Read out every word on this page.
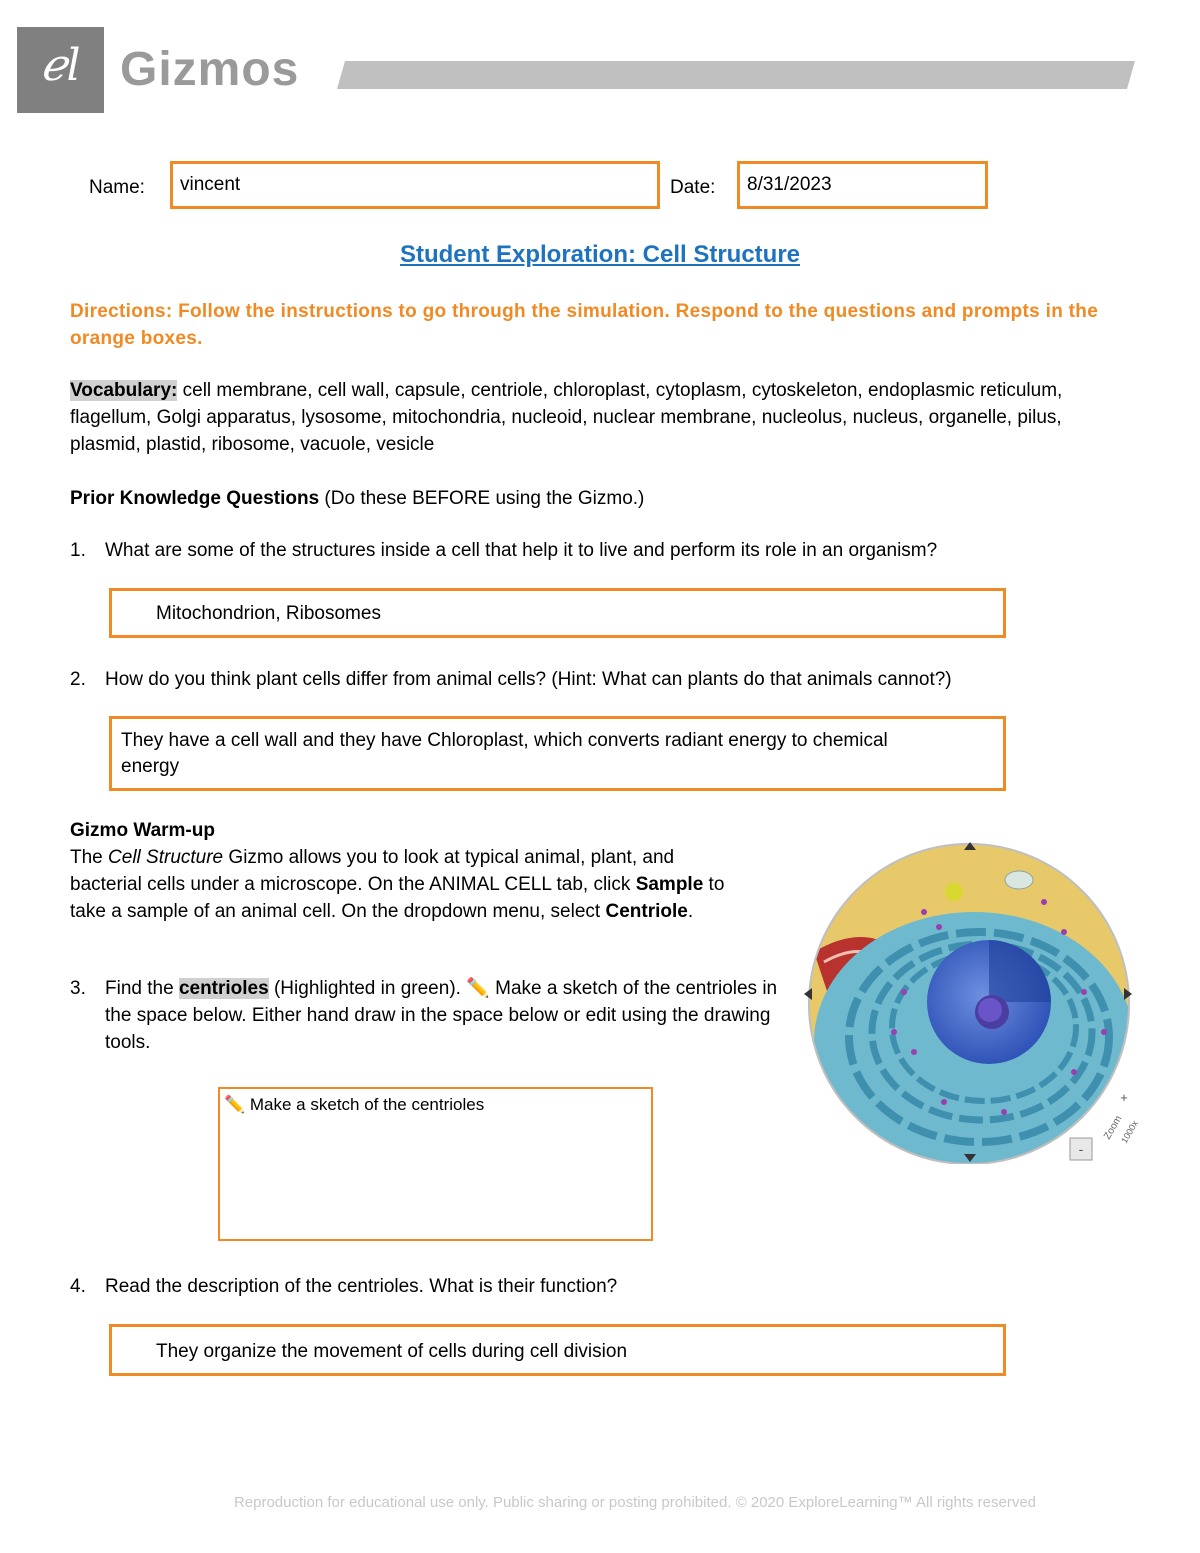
ℯl Gizmos
Name:	vincent	Date:	8/31/2023
Student Exploration: Cell Structure
Directions: Follow the instructions to go through the simulation. Respond to the questions and prompts in the orange boxes.
Vocabulary: cell membrane, cell wall, capsule, centriole, chloroplast, cytoplasm, cytoskeleton, endoplasmic reticulum, flagellum, Golgi apparatus, lysosome, mitochondria, nucleoid, nuclear membrane, nucleolus, nucleus, organelle, pilus, plasmid, plastid, ribosome, vacuole, vesicle
Prior Knowledge Questions (Do these BEFORE using the Gizmo.)
1. What are some of the structures inside a cell that help it to live and perform its role in an organism?
Mitochondrion, Ribosomes
2. How do you think plant cells differ from animal cells? (Hint: What can plants do that animals cannot?)
They have a cell wall and they have Chloroplast, which converts radiant energy to chemical energy
Gizmo Warm-up
The Cell Structure Gizmo allows you to look at typical animal, plant, and bacterial cells under a microscope. On the ANIMAL CELL tab, click Sample to take a sample of an animal cell. On the dropdown menu, select Centriole.
3. Find the centrioles (Highlighted in green). ✏️ Make a sketch of the centrioles in the space below. Either hand draw in the space below or edit using the drawing tools.
✏️ Make a sketch of the centrioles
-
+
Zoom
1000x
4. Read the description of the centrioles. What is their function?
They organize the movement of cells during cell division
Reproduction for educational use only. Public sharing or posting prohibited. © 2020 ExploreLearning™ All rights reserved
